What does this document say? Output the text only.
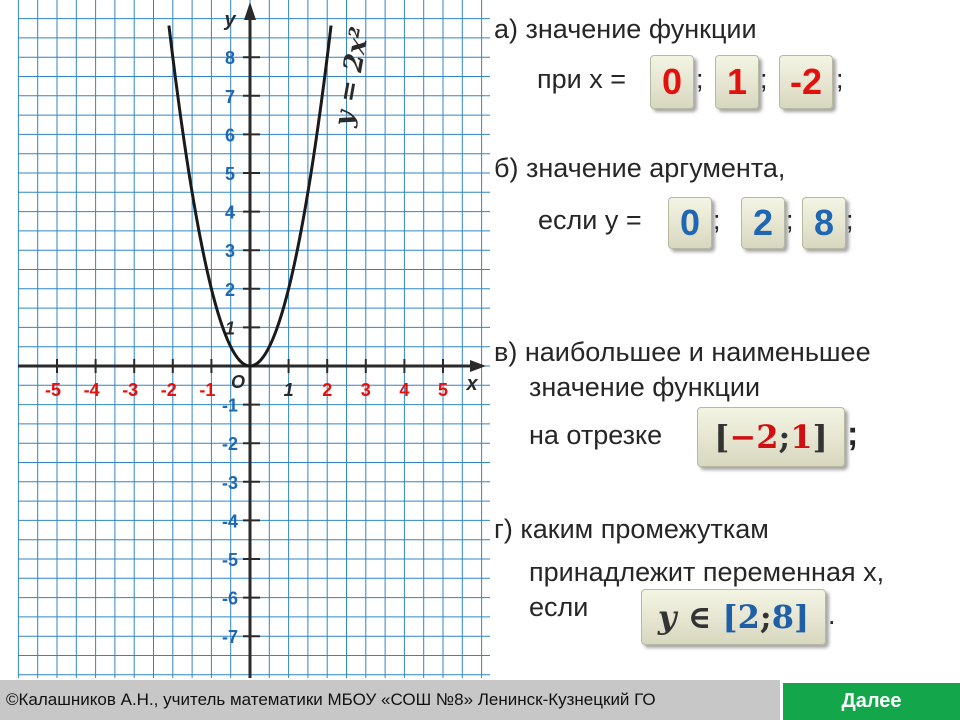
-5 -4 -3 -2 -1	1 2 3 4 5
8
7
6
5
4
3
2
1
-1
-2
-3
-4
-5
-6
-7
O	x
y
y = 2x²	а) значение функции
при х = 0 ; 1 ; -2 ;
б) значение аргумента,
если у =	0 ; 2 ; 8 ;
в) наибольшее и наименьшее
значение функции
на отрезке [ −2 ; 1 ] ;
г) каким промежуткам
принадлежит переменная х,
если y
∈
[ 2 ; 8 ] .
©Калашников А.Н., учитель математики МБОУ «СОШ №8» Ленинск-Кузнецкий ГО	Далее
